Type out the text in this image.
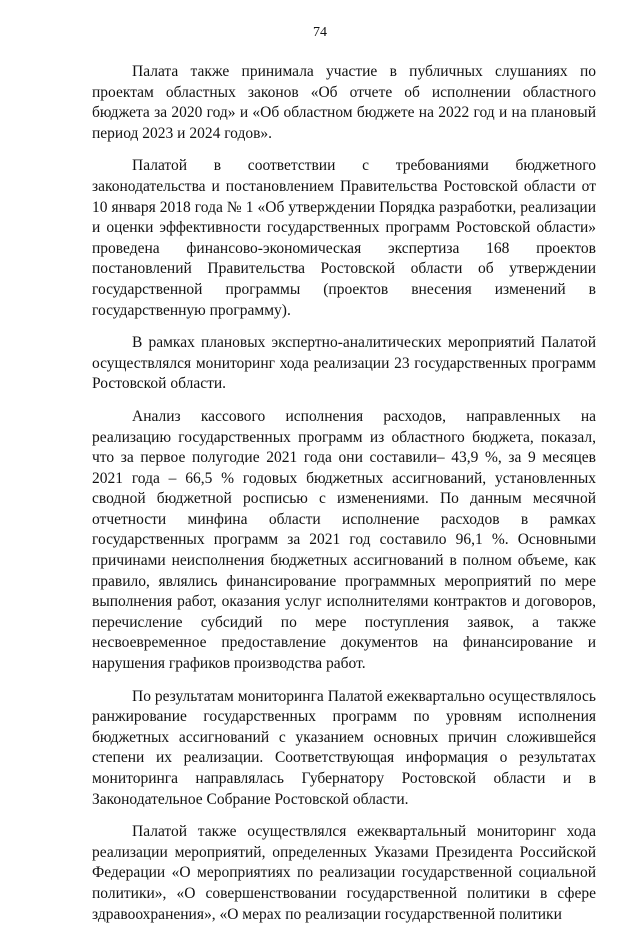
74

Палата также принимала участие в публичных слушаниях по проектам областных законов «Об отчете об исполнении областного бюджета за 2020 год» и «Об областном бюджете на 2022 год и на плановый период 2023 и 2024 годов».

Палатой в соответствии с требованиями бюджетного законодательства и постановлением Правительства Ростовской области от 10 января 2018 года № 1 «Об утверждении Порядка разработки, реализации и оценки эффективности государственных программ Ростовской области» проведена финансово-экономическая экспертиза 168 проектов постановлений Правительства Ростовской области об утверждении государственной программы (проектов внесения изменений в государственную программу).

В рамках плановых экспертно-аналитических мероприятий Палатой осуществлялся мониторинг хода реализации 23 государственных программ Ростовской области.

Анализ кассового исполнения расходов, направленных на реализацию государственных программ из областного бюджета, показал, что за первое полугодие 2021 года они составили– 43,9 %, за 9 месяцев 2021 года – 66,5 % годовых бюджетных ассигнований, установленных сводной бюджетной росписью с изменениями. По данным месячной отчетности минфина области исполнение расходов в рамках государственных программ за 2021 год составило 96,1 %. Основными причинами неисполнения бюджетных ассигнований в полном объеме, как правило, являлись финансирование программных мероприятий по мере выполнения работ, оказания услуг исполнителями контрактов и договоров, перечисление субсидий по мере поступления заявок, а также несвоевременное предоставление документов на финансирование и нарушения графиков производства работ.

По результатам мониторинга Палатой ежеквартально осуществлялось ранжирование государственных программ по уровням исполнения бюджетных ассигнований с указанием основных причин сложившейся степени их реализации. Соответствующая информация о результатах мониторинга направлялась Губернатору Ростовской области и в Законодательное Собрание Ростовской области.

Палатой также осуществлялся ежеквартальный мониторинг хода реализации мероприятий, определенных Указами Президента Российской Федерации «О мероприятиях по реализации государственной социальной политики», «О совершенствовании государственной политики в сфере здравоохранения», «О мерах по реализации государственной политики
